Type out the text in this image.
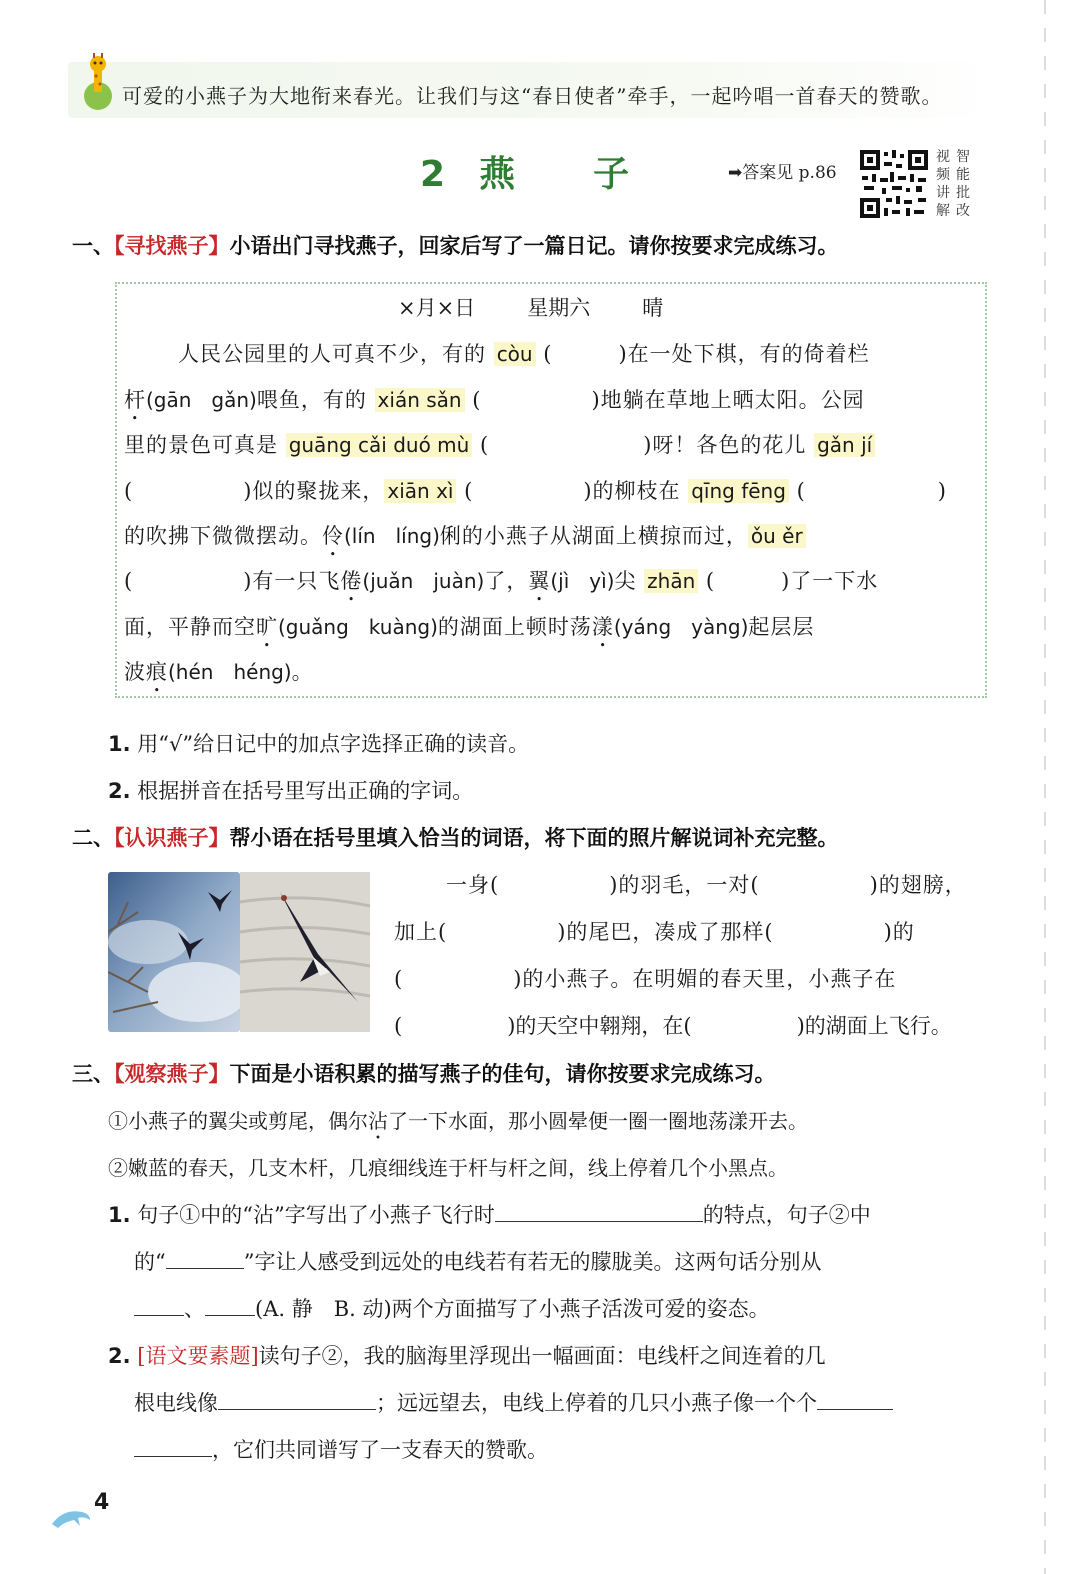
可爱的小燕子为大地衔来春光。让我们与这“春日使者”牵手，一起吟唱一首春天的赞歌。
2 燕 子	➡答案见 p.86
视 智
频 能
讲 批
解 改
一、【寻找燕子】小语出门寻找燕子，回家后写了一篇日记。请你按要求完成练习。
×月×日 星期六 晴
人民公园里的人可真不少，有的 còu (　　　)在一处下棋，有的倚着栏
杆(gān　gǎn)喂鱼，有的 xián sǎn (　　　　　)地躺在草地上晒太阳。公园
里的景色可真是 guāng cǎi duó mù (　　　　　　　)呀！各色的花儿 gǎn jí
(　　　　　)似的聚拢来， xiān xì (　　　　　)的柳枝在 qīng fēng (　　　　　　)
的吹拂下微微摆动。伶(lín　líng)俐的小燕子从湖面上横掠而过， ǒu ěr
(　　　　　)有一只飞倦(juǎn　juàn)了，翼(jì　yì)尖 zhān (　　　)了一下水
面，平静而空旷(guǎng　kuàng)的湖面上顿时荡漾(yáng　yàng)起层层
波痕(hén　héng)。
1. 用“√”给日记中的加点字选择正确的读音。
2. 根据拼音在括号里写出正确的字词。
二、【认识燕子】帮小语在括号里填入恰当的词语，将下面的照片解说词补充完整。
一身(　　　　　)的羽毛，一对(　　　　　)的翅膀，
加上(　　　　　)的尾巴，凑成了那样(　　　　　)的
(　　　　　)的小燕子。在明媚的春天里，小燕子在
(　　　　　)的天空中翱翔，在(　　　　　)的湖面上飞行。
三、【观察燕子】下面是小语积累的描写燕子的佳句，请你按要求完成练习。
①小燕子的翼尖或剪尾，偶尔沾了一下水面，那小圆晕便一圈一圈地荡漾开去。
②嫩蓝的春天，几支木杆，几痕细线连于杆与杆之间，线上停着几个小黑点。
1. 句子①中的“沾”字写出了小燕子飞行时	的特点，句子②中
的“	”字让人感受到远处的电线若有若无的朦胧美。这两句话分别从
、 (A. 静　B. 动)两个方面描写了小燕子活泼可爱的姿态。
2. [语文要素题]读句子②，我的脑海里浮现出一幅画面：电线杆之间连着的几
根电线像	；远远望去，电线上停着的几只小燕子像一个个
，它们共同谱写了一支春天的赞歌。
4
